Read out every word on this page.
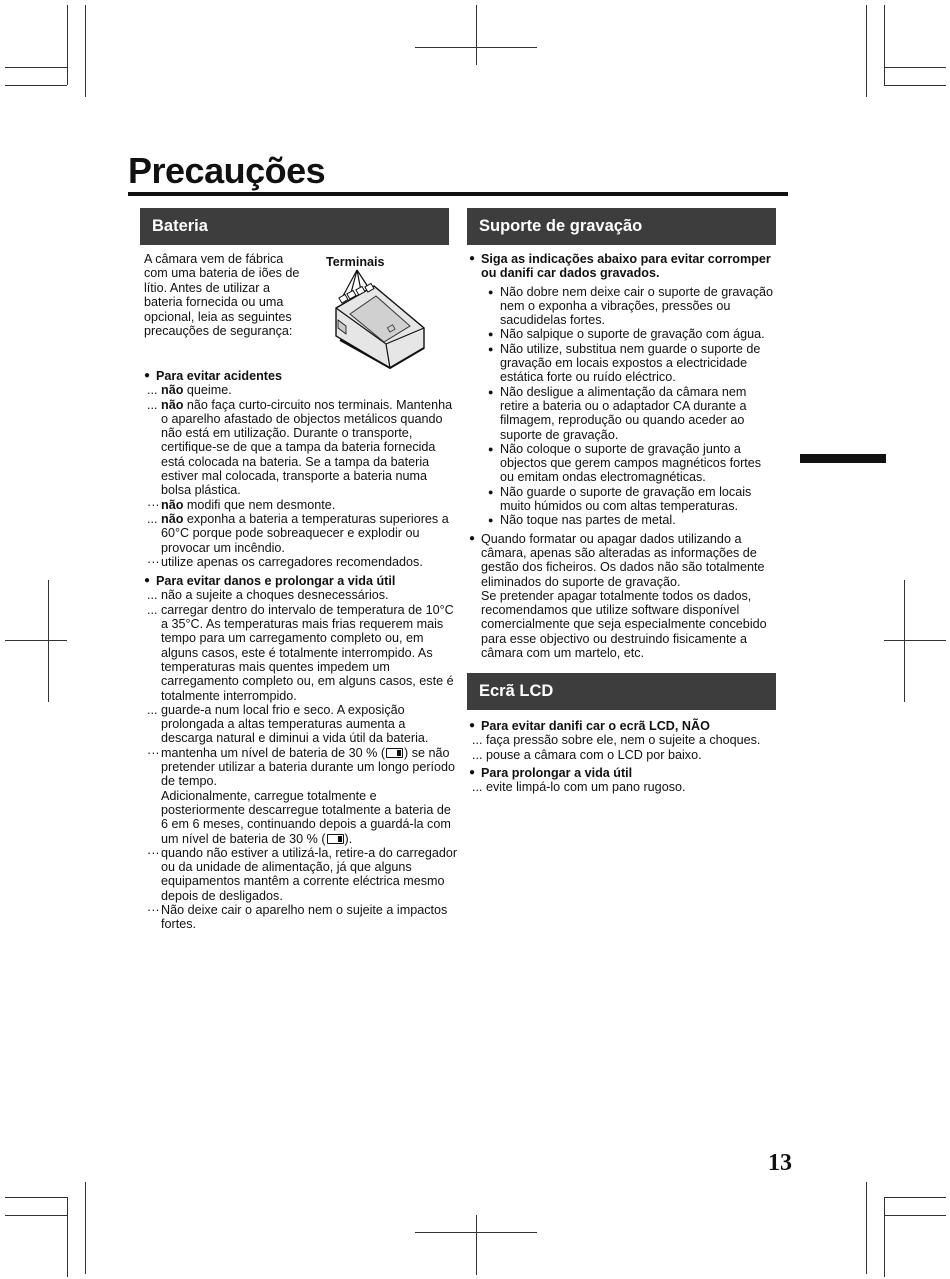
Precauções
Bateria
A câmara vem de fábrica com uma bateria de iões de lítio. Antes de utilizar a bateria fornecida ou uma opcional, leia as seguintes precauções de segurança:
Terminais

● Para evitar acidentes

... não queime.

... não não faça curto-circuito nos terminais. Mantenha o aparelho afastado de objectos metálicos quando não está em utilização. Durante o transporte, certifique-se de que a tampa da bateria fornecida está colocada na bateria. Se a tampa da bateria estiver mal colocada, transporte a bateria numa bolsa plástica.

··· não modifi que nem desmonte.

... não exponha a bateria a temperaturas superiores a 60°C porque pode sobreaquecer e explodir ou provocar um incêndio.

··· utilize apenas os carregadores recomendados.

● Para evitar danos e prolongar a vida útil

... não a sujeite a choques desnecessários.

... carregar dentro do intervalo de temperatura de 10°C a 35°C. As temperaturas mais frias requerem mais tempo para um carregamento completo ou, em alguns casos, este é totalmente interrompido. As temperaturas mais quentes impedem um carregamento completo ou, em alguns casos, este é totalmente interrompido.

... guarde-a num local frio e seco. A exposição prolongada a altas temperaturas aumenta a descarga natural e diminui a vida útil da bateria.

··· mantenha um nível de bateria de 30 % ( ) se não pretender utilizar a bateria durante um longo período de tempo.
Adicionalmente, carregue totalmente e posteriormente descarregue totalmente a bateria de 6 em 6 meses, continuando depois a guardá-la com um nível de bateria de 30 % ( ).

··· quando não estiver a utilizá-la, retire-a do carregador ou da unidade de alimentação, já que alguns equipamentos mantêm a corrente eléctrica mesmo depois de desligados.

··· Não deixe cair o aparelho nem o sujeite a impactos fortes.

Suporte de gravação

● Siga as indicações abaixo para evitar corromper ou danifi car dados gravados.

● Não dobre nem deixe cair o suporte de gravação nem o exponha a vibrações, pressões ou sacudidelas fortes.

● Não salpique o suporte de gravação com água.

● Não utilize, substitua nem guarde o suporte de gravação em locais expostos a electricidade estática forte ou ruído eléctrico.

● Não desligue a alimentação da câmara nem retire a bateria ou o adaptador CA durante a filmagem, reprodução ou quando aceder ao suporte de gravação.

● Não coloque o suporte de gravação junto a objectos que gerem campos magnéticos fortes ou emitam ondas electromagnéticas.

● Não guarde o suporte de gravação em locais muito húmidos ou com altas temperaturas.

● Não toque nas partes de metal.

● Quando formatar ou apagar dados utilizando a câmara, apenas são alteradas as informações de gestão dos ficheiros. Os dados não são totalmente eliminados do suporte de gravação.
Se pretender apagar totalmente todos os dados, recomendamos que utilize software disponível comercialmente que seja especialmente concebido para esse objectivo ou destruindo fisicamente a câmara com um martelo, etc.

Ecrã LCD

● Para evitar danifi car o ecrã LCD, NÃO

... faça pressão sobre ele, nem o sujeite a choques.

... pouse a câmara com o LCD por baixo.

● Para prolongar a vida útil

... evite limpá-lo com um pano rugoso.

13
